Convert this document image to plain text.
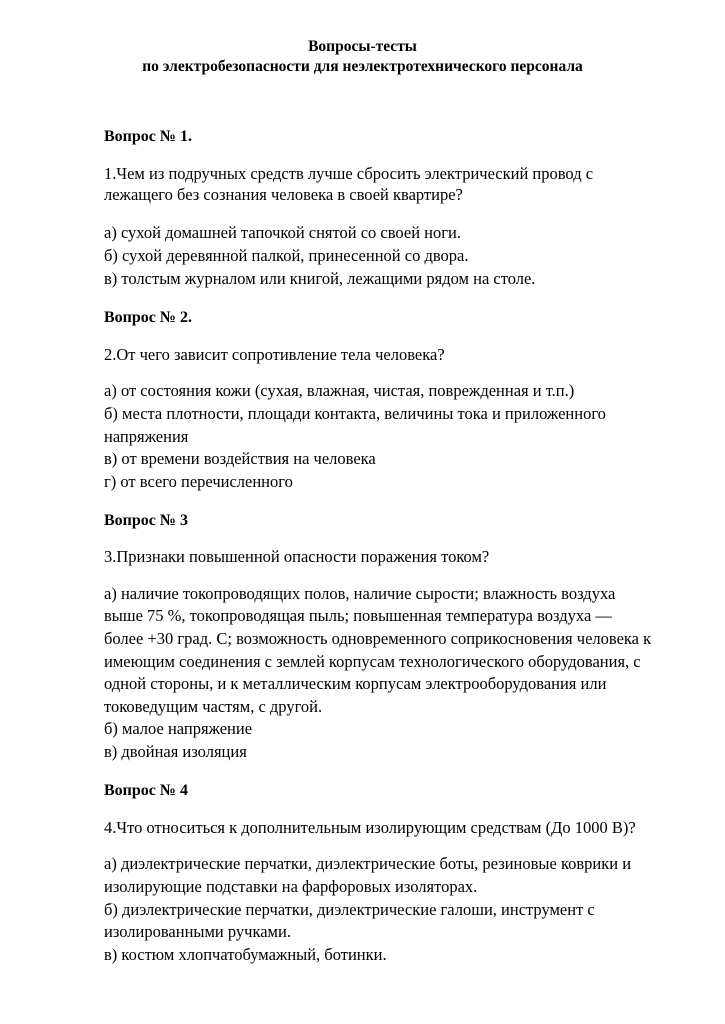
Вопросы-тесты
по электробезопасности для неэлектротехнического персонала
Вопрос № 1.
1.Чем из подручных средств лучше сбросить электрический провод с
лежащего без сознания человека в своей квартире?
а) сухой домашней тапочкой снятой со своей ноги.
б) сухой деревянной палкой, принесенной со двора.
в) толстым журналом или книгой, лежащими рядом на столе.
Вопрос № 2.
2.От чего зависит сопротивление тела человека?
а) от состояния кожи (сухая, влажная, чистая, поврежденная и т.п.)
б) места плотности, площади контакта, величины тока и приложенного
напряжения
в) от времени воздействия на человека
г) от всего перечисленного
Вопрос № 3
3.Признаки повышенной опасности поражения током?
а) наличие токопроводящих полов, наличие сырости; влажность воздуха
выше 75 %, токопроводящая пыль; повышенная температура воздуха —
более +30 град. С; возможность одновременного соприкосновения человека к
имеющим соединения с землей корпусам технологического оборудования, с
одной стороны, и к металлическим корпусам электрооборудования или
токоведущим частям, с другой.
б) малое напряжение
в) двойная изоляция
Вопрос № 4
4.Что относиться к дополнительным изолирующим средствам (До 1000 В)?
а) диэлектрические перчатки, диэлектрические боты, резиновые коврики и
изолирующие подставки на фарфоровых изоляторах.
б) диэлектрические перчатки, диэлектрические галоши, инструмент с
изолированными ручками.
в) костюм хлопчатобумажный, ботинки.
